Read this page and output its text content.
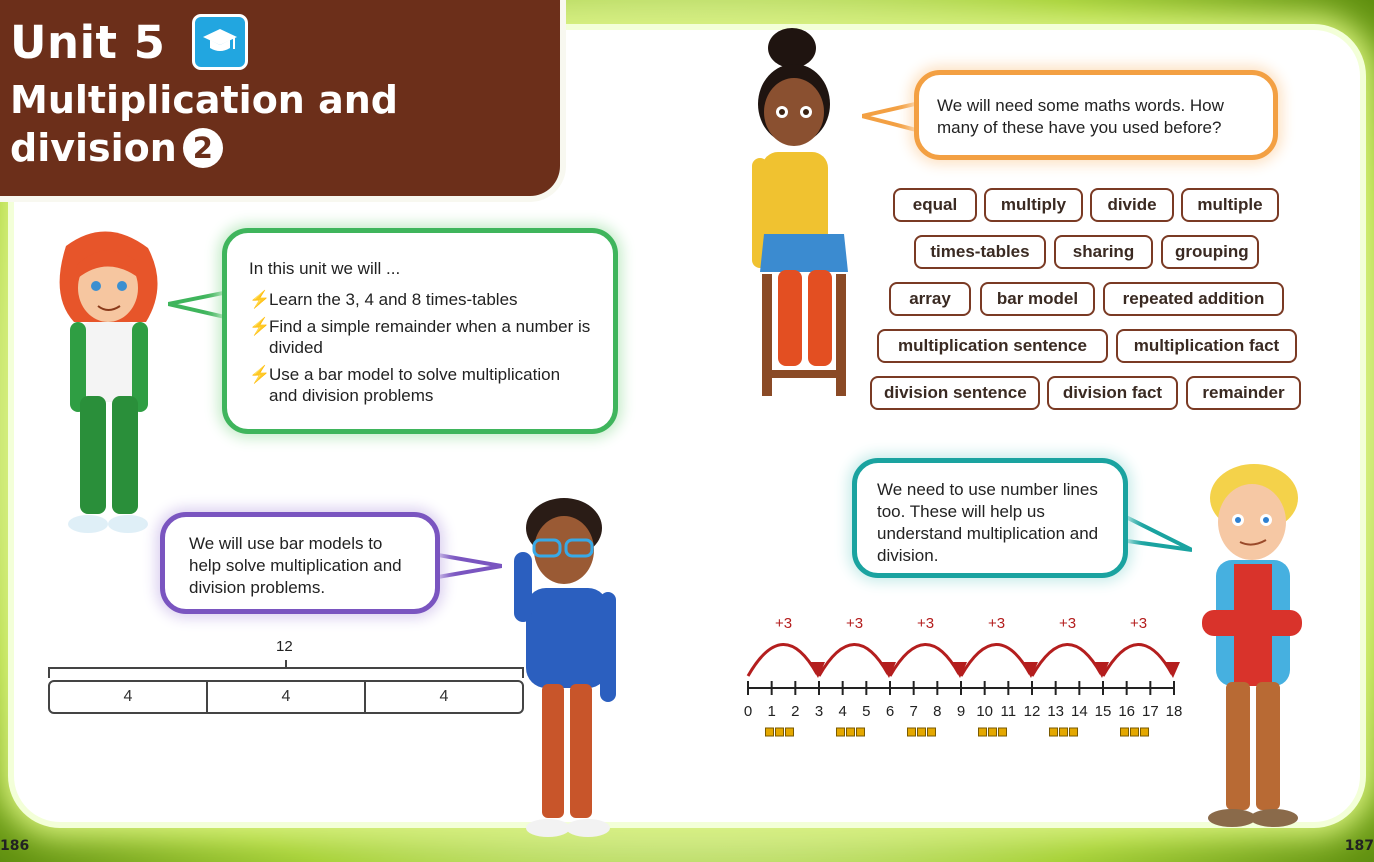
Unit 5
Multiplication and
division 2
In this unit we will ...
⚡
Learn the 3, 4 and 8 times-tables
⚡
Find a simple remainder when a number is divided
⚡
Use a bar model to solve multiplication and division problems

We will use bar models to help solve multiplication and division problems.

12
4	4	4

We will need some maths words. How many of these have you used before?

equal	multiply	divide	multiple
times-tables	sharing	grouping
array	bar model	repeated addition
multiplication sentence	multiplication fact
division sentence	division fact	remainder

We need to use number lines too. These will help us understand multiplication and division.

0 1 2 3 4 5 6 7 8 9 10 11 12 13 14 15 16 17 18
+3	+3	+3	+3	+3	+3
186	187
